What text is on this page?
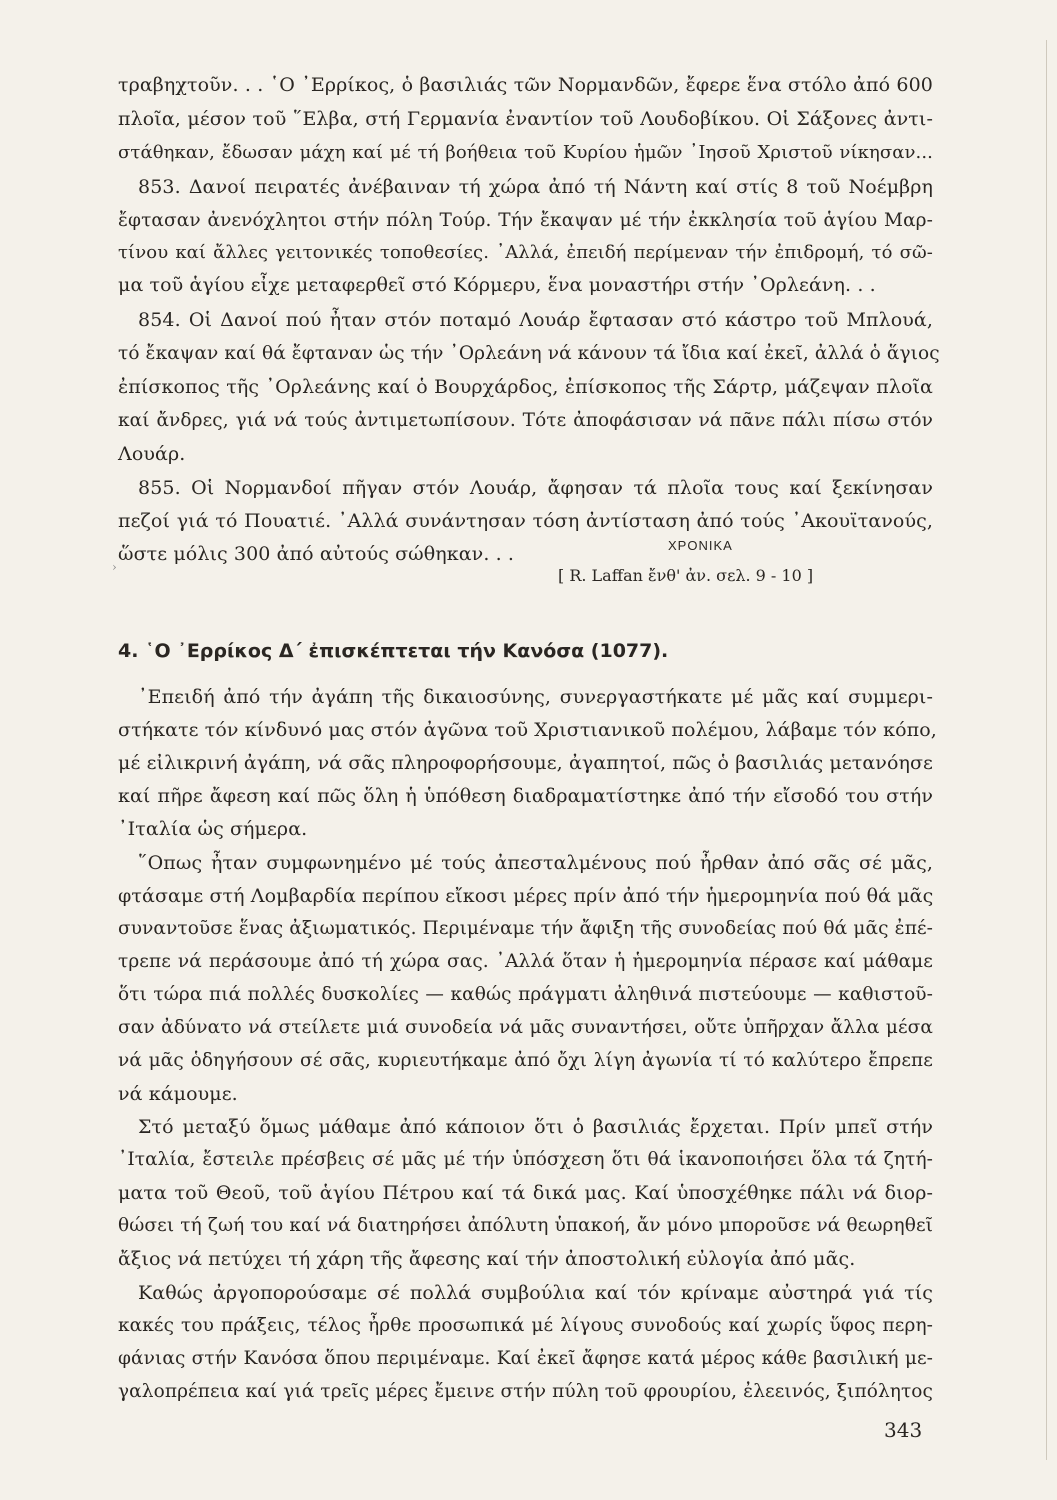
τραβηχτοῦν. . . ῾Ο ᾿Ερρίκος, ὁ βασιλιάς τῶν Νορμανδῶν, ἔφερε ἕνα στόλο ἀπό 600
πλοῖα, μέσον τοῦ ῞Ελβα, στή Γερμανία ἐναντίον τοῦ Λουδοβίκου. Οἱ Σάξονες ἀντι-
στάθηκαν, ἔδωσαν μάχη καί μέ τή βοήθεια τοῦ Κυρίου ἡμῶν ᾿Ιησοῦ Χριστοῦ νίκησαν...
853. Δανοί πειρατές ἀνέβαιναν τή χώρα ἀπό τή Νάντη καί στίς 8 τοῦ Νοέμβρη
ἔφτασαν ἀνενόχλητοι στήν πόλη Τούρ. Τήν ἔκαψαν μέ τήν ἐκκλησία τοῦ ἁγίου Μαρ-
τίνου καί ἄλλες γειτονικές τοποθεσίες. ᾿Αλλά, ἐπειδή περίμεναν τήν ἐπιδρομή, τό σῶ-
μα τοῦ ἁγίου εἶχε μεταφερθεῖ στό Κόρμερυ, ἕνα μοναστήρι στήν ᾿Ορλεάνη. . .
854. Οἱ Δανοί πού ἦταν στόν ποταμό Λουάρ ἔφτασαν στό κάστρο τοῦ Μπλουά,
τό ἔκαψαν καί θά ἔφταναν ὡς τήν ᾿Ορλεάνη νά κάνουν τά ἴδια καί ἐκεῖ, ἀλλά ὁ ἅγιος
ἐπίσκοπος τῆς ᾿Ορλεάνης καί ὁ Βουρχάρδος, ἐπίσκοπος τῆς Σάρτρ, μάζεψαν πλοῖα
καί ἄνδρες, γιά νά τούς ἀντιμετωπίσουν. Τότε ἀποφάσισαν νά πᾶνε πάλι πίσω στόν
Λουάρ.
855. Οἱ Νορμανδοί πῆγαν στόν Λουάρ, ἄφησαν τά πλοῖα τους καί ξεκίνησαν
πεζοί γιά τό Πουατιέ. ᾿Αλλά συνάντησαν τόση ἀντίσταση ἀπό τούς ᾿Ακουϊτανούς,
ὥστε μόλις 300 ἀπό αὐτούς σώθηκαν. . .	ΧΡΟΝΙΚΑ
›	[ R. Laffan ἔνθ' ἀν. σελ. 9 - 10 ]
4. ῾Ο ᾿Ερρίκος Δ΄ ἐπισκέπτεται τήν Κανόσα (1077).
᾿Επειδή ἀπό τήν ἀγάπη τῆς δικαιοσύνης, συνεργαστήκατε μέ μᾶς καί συμμερι-
στήκατε τόν κίνδυνό μας στόν ἀγῶνα τοῦ Χριστιανικοῦ πολέμου, λάβαμε τόν κόπο,
μέ εἰλικρινή ἀγάπη, νά σᾶς πληροφορήσουμε, ἀγαπητοί, πῶς ὁ βασιλιάς μετανόησε
καί πῆρε ἄφεση καί πῶς ὅλη ἡ ὑπόθεση διαδραματίστηκε ἀπό τήν εἴσοδό του στήν
᾿Ιταλία ὡς σήμερα.
῞Οπως ἦταν συμφωνημένο μέ τούς ἀπεσταλμένους πού ἦρθαν ἀπό σᾶς σέ μᾶς,
φτάσαμε στή Λομβαρδία περίπου εἴκοσι μέρες πρίν ἀπό τήν ἡμερομηνία πού θά μᾶς
συναντοῦσε ἕνας ἀξιωματικός. Περιμέναμε τήν ἄφιξη τῆς συνοδείας πού θά μᾶς ἐπέ-
τρεπε νά περάσουμε ἀπό τή χώρα σας. ᾿Αλλά ὅταν ἡ ἡμερομηνία πέρασε καί μάθαμε
ὅτι τώρα πιά πολλές δυσκολίες — καθώς πράγματι ἀληθινά πιστεύουμε — καθιστοῦ-
σαν ἀδύνατο νά στείλετε μιά συνοδεία νά μᾶς συναντήσει, οὔτε ὑπῆρχαν ἄλλα μέσα
νά μᾶς ὁδηγήσουν σέ σᾶς, κυριευτήκαμε ἀπό ὄχι λίγη ἀγωνία τί τό καλύτερο ἔπρεπε
νά κάμουμε.
Στό μεταξύ ὅμως μάθαμε ἀπό κάποιον ὅτι ὁ βασιλιάς ἔρχεται. Πρίν μπεῖ στήν
᾿Ιταλία, ἔστειλε πρέσβεις σέ μᾶς μέ τήν ὑπόσχεση ὅτι θά ἱκανοποιήσει ὅλα τά ζητή-
ματα τοῦ Θεοῦ, τοῦ ἁγίου Πέτρου καί τά δικά μας. Καί ὑποσχέθηκε πάλι νά διορ-
θώσει τή ζωή του καί νά διατηρήσει ἀπόλυτη ὑπακοή, ἄν μόνο μποροῦσε νά θεωρηθεῖ
ἄξιος νά πετύχει τή χάρη τῆς ἄφεσης καί τήν ἀποστολική εὐλογία ἀπό μᾶς.
Καθώς ἀργοπορούσαμε σέ πολλά συμβούλια καί τόν κρίναμε αὐστηρά γιά τίς
κακές του πράξεις, τέλος ἦρθε προσωπικά μέ λίγους συνοδούς καί χωρίς ὕφος περη-
φάνιας στήν Κανόσα ὅπου περιμέναμε. Καί ἐκεῖ ἄφησε κατά μέρος κάθε βασιλική με-
γαλοπρέπεια καί γιά τρεῖς μέρες ἔμεινε στήν πύλη τοῦ φρουρίου, ἐλεεινός, ξιπόλητος
343
